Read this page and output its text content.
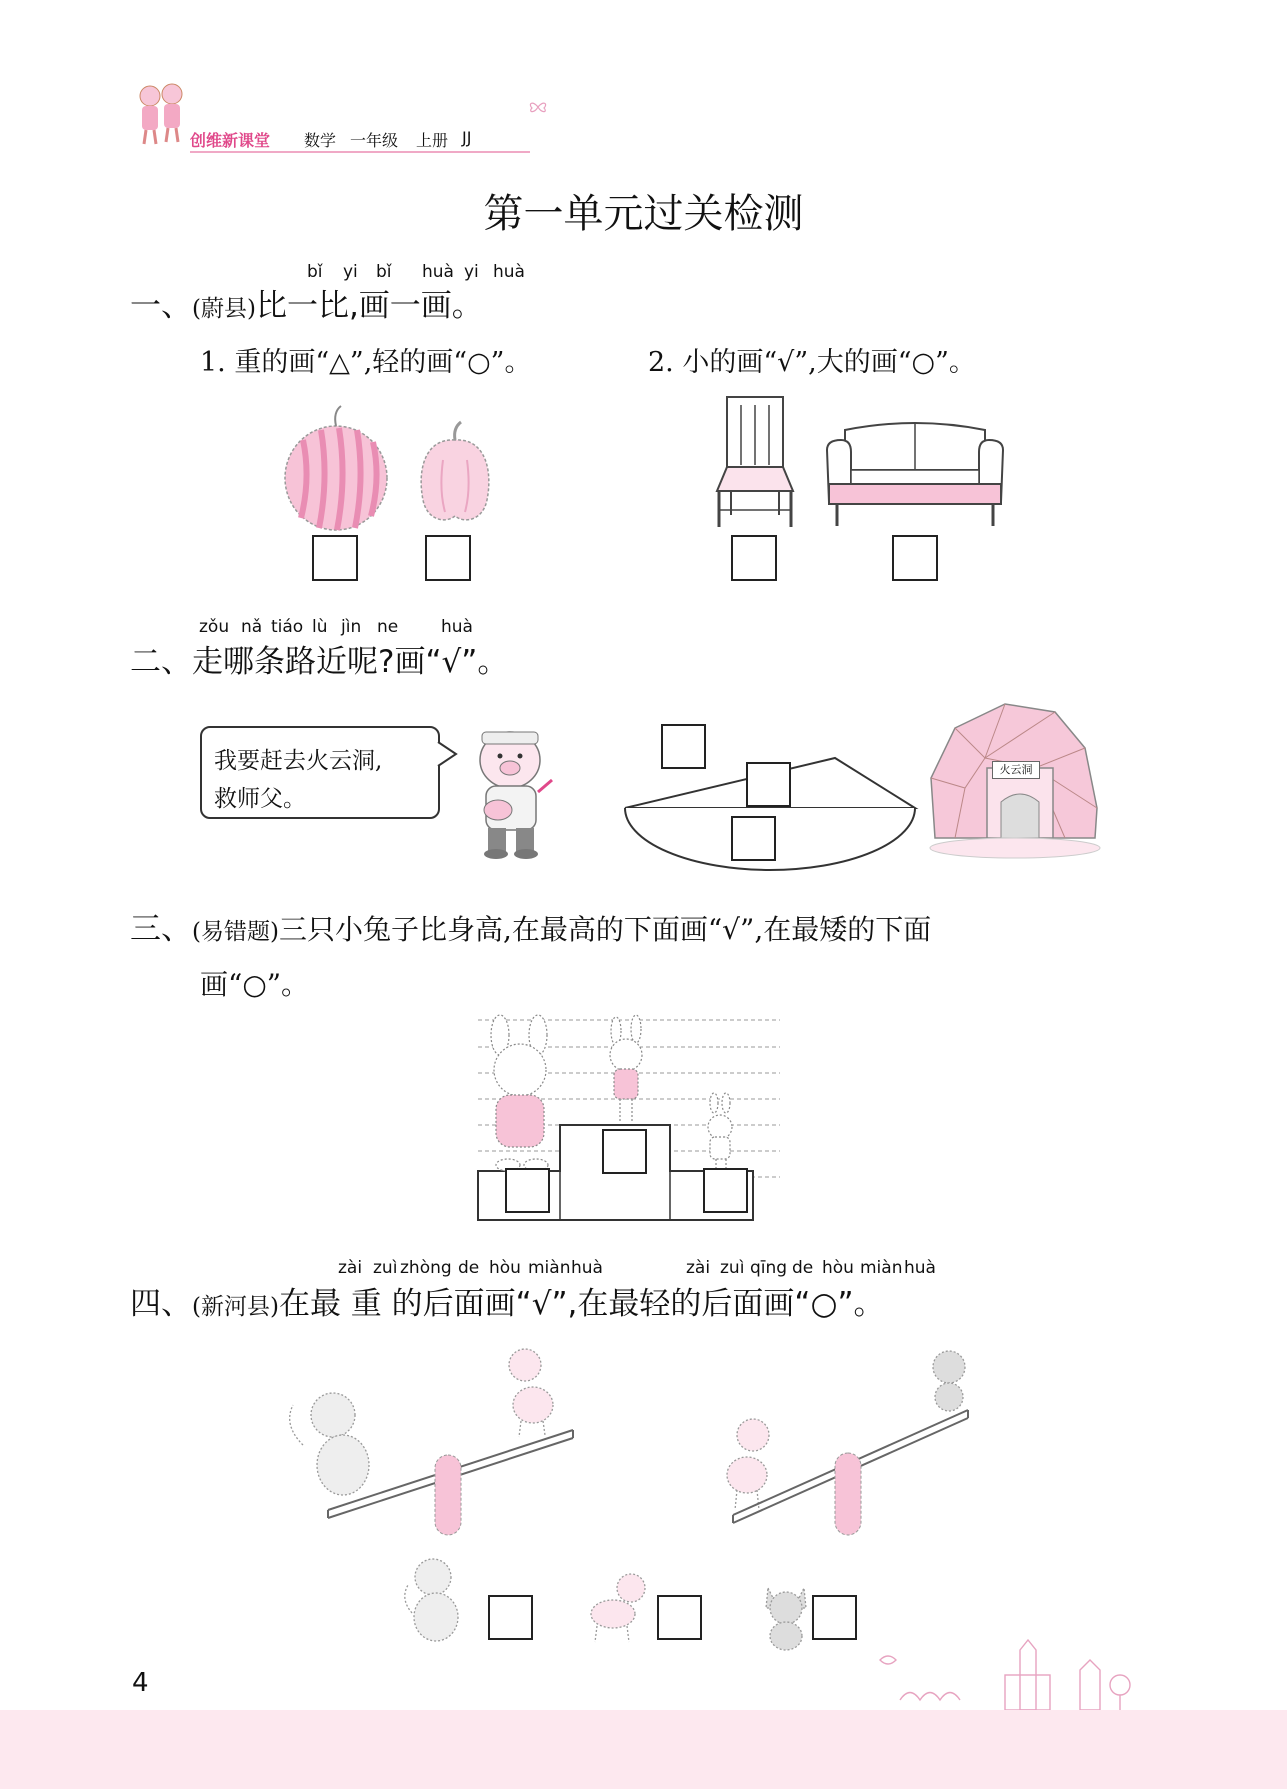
创维新课堂 数学 一年级 上册 JJ
第一单元过关检测
bǐ yi bǐ huà yi huà
一、(蔚县)比一比,画一画。
1. 重的画“△”,轻的画“○”。	2. 小的画“√”,大的画“○”。
zǒu nǎ tiáo lù jìn ne	huà
二、走哪条路近呢?画“√”。
我要赶去火云洞,
救师父。
火云洞
三、(易错题)三只小兔子比身高,在最高的下面画“√”,在最矮的下面
画“○”。
zài zuì zhòng de hòu miàn huà	zài zuì qīng de hòu miàn huà
四、(新河县)在最 重 的后面画“√”,在最轻的后面画“○”。
4
